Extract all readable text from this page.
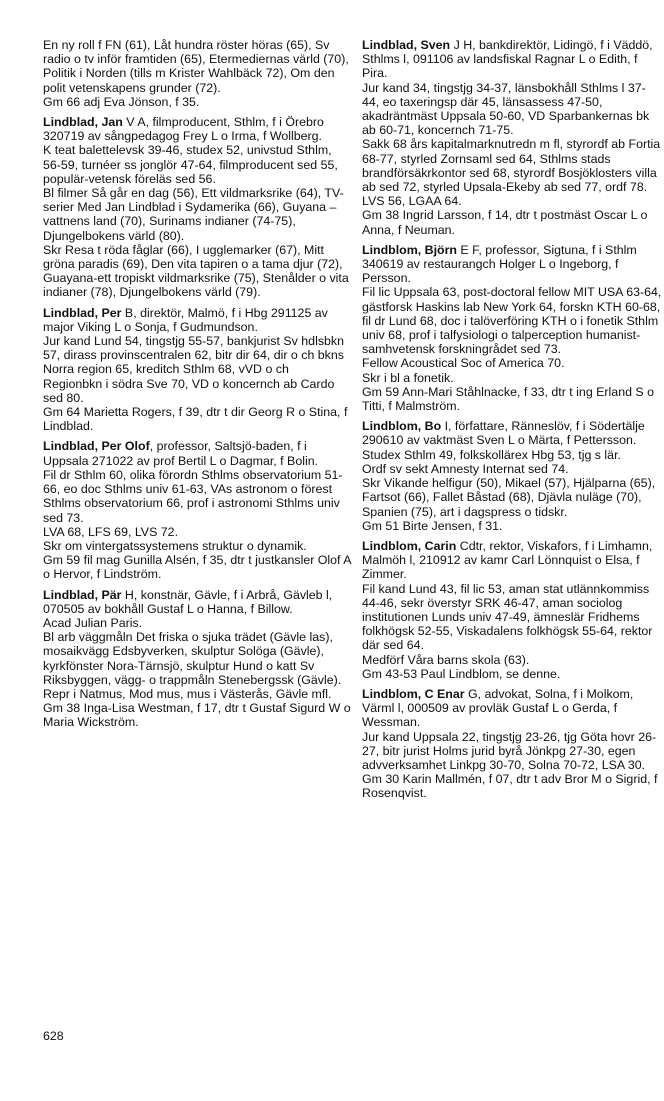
En ny roll f FN (61), Låt hundra röster höras (65), Sv radio o tv inför framtiden (65), Etermediernas värld (70), Politik i Norden (tills m Krister Wahlbäck 72), Om den polit vetenskapens grunder (72).
Gm 66 adj Eva Jönson, f 35.
Lindblad, Jan V A, filmproducent, Sthlm, f i Örebro 320719 av sångpedagog Frey L o Irma, f Wollberg.
K teat balettelevsk 39-46, studex 52, univstud Sthlm, 56-59, turnéer ss jonglör 47-64, filmproducent sed 55, populär-vetensk föreläs sed 56.
Bl filmer Så går en dag (56), Ett vildmarksrike (64), TV-serier Med Jan Lindblad i Sydamerika (66), Guyana – vattnens land (70), Surinams indianer (74-75), Djungelbokens värld (80).
Skr Resa t röda fåglar (66), I ugglemarker (67), Mitt gröna paradis (69), Den vita tapiren o a tama djur (72), Guayana-ett tropiskt vildmarksrike (75), Stenålder o vita indianer (78), Djungelbokens värld (79).
Lindblad, Per B, direktör, Malmö, f i Hbg 291125 av major Viking L o Sonja, f Gudmundson.
Jur kand Lund 54, tingstjg 55-57, bankjurist Sv hdlsbkn 57, dirass provinscentralen 62, bitr dir 64, dir o ch bkns Norra region 65, kreditch Sthlm 68, vVD o ch Regionbkn i södra Sve 70, VD o koncernch ab Cardo sed 80.
Gm 64 Marietta Rogers, f 39, dtr t dir Georg R o Stina, f Lindblad.
Lindblad, Per Olof, professor, Saltsjö-baden, f i Uppsala 271022 av prof Bertil L o Dagmar, f Bolin.
Fil dr Sthlm 60, olika förordn Sthlms observatorium 51-66, eo doc Sthlms univ 61-63, VAs astronom o förest Sthlms observatorium 66, prof i astronomi Sthlms univ sed 73.
LVA 68, LFS 69, LVS 72.
Skr om vintergatssystemens struktur o dynamik.
Gm 59 fil mag Gunilla Alsén, f 35, dtr t justkansler Olof A o Hervor, f Lindström.
Lindblad, Pär H, konstnär, Gävle, f i Arbrå, Gävleb l, 070505 av bokhåll Gustaf L o Hanna, f Billow.
Acad Julian Paris.
Bl arb väggmåln Det friska o sjuka trädet (Gävle las), mosaikvägg Edsbyverken, skulptur Solöga (Gävle), kyrkfönster Nora-Tärnsjö, skulptur Hund o katt Sv Riksbyggen, vägg- o trappmåln Stenebergssk (Gävle).
Repr i Natmus, Mod mus, mus i Västerås, Gävle mfl.
Gm 38 Inga-Lisa Westman, f 17, dtr t Gustaf Sigurd W o Maria Wickström.
Lindblad, Sven J H, bankdirektör, Lidingö, f i Väddö, Sthlms l, 091106 av landsfiskal Ragnar L o Edith, f Pira.
Jur kand 34, tingstjg 34-37, länsbokhåll Sthlms l 37-44, eo taxeringsp där 45, länsassess 47-50, akadräntmäst Uppsala 50-60, VD Sparbankernas bk ab 60-71, koncernch 71-75.
Sakk 68 års kapitalmarknutredn m fl, styrordf ab Fortia 68-77, styrled Zornsaml sed 64, Sthlms stads brandförsäkrkontor sed 68, styrordf Bosjöklosters villa ab sed 72, styrled Upsala-Ekeby ab sed 77, ordf 78.
LVS 56, LGAA 64.
Gm 38 Ingrid Larsson, f 14, dtr t postmäst Oscar L o Anna, f Neuman.
Lindblom, Björn E F, professor, Sigtuna, f i Sthlm 340619 av restaurangch Holger L o Ingeborg, f Persson.
Fil lic Uppsala 63, post-doctoral fellow MIT USA 63-64, gästforsk Haskins lab New York 64, forskn KTH 60-68, fil dr Lund 68, doc i talöverföring KTH o i fonetik Sthlm univ 68, prof i talfysiologi o talperception humanist-samhvetensk forskningrådet sed 73.
Fellow Acoustical Soc of America 70.
Skr i bl a fonetik.
Gm 59 Ann-Mari Ståhlnacke, f 33, dtr t ing Erland S o Titti, f Malmström.
Lindblom, Bo I, författare, Ränneslöv, f i Södertälje 290610 av vaktmäst Sven L o Märta, f Pettersson.
Studex Sthlm 49, folkskollärex Hbg 53, tjg s lär.
Ordf sv sekt Amnesty Internat sed 74.
Skr Vikande helfigur (50), Mikael (57), Hjälparna (65), Fartsot (66), Fallet Båstad (68), Djävla nuläge (70), Spanien (75), art i dagspress o tidskr.
Gm 51 Birte Jensen, f 31.
Lindblom, Carin Cdtr, rektor, Viskafors, f i Limhamn, Malmöh l, 210912 av kamr Carl Lönnquist o Elsa, f Zimmer.
Fil kand Lund 43, fil lic 53, aman stat utlännkommiss 44-46, sekr överstyr SRK 46-47, aman sociolog institutionen Lunds univ 47-49, ämneslär Fridhems folkhögsk 52-55, Viskadalens folkhögsk 55-64, rektor där sed 64.
Medförf Våra barns skola (63).
Gm 43-53 Paul Lindblom, se denne.
Lindblom, C Enar G, advokat, Solna, f i Molkom, Värml l, 000509 av provläk Gustaf L o Gerda, f Wessman.
Jur kand Uppsala 22, tingstjg 23-26, tjg Göta hovr 26-27, bitr jurist Holms jurid byrå Jönkpg 27-30, egen advverksamhet Linkpg 30-70, Solna 70-72, LSA 30.
Gm 30 Karin Mallmén, f 07, dtr t adv Bror M o Sigrid, f Rosenqvist.
628
